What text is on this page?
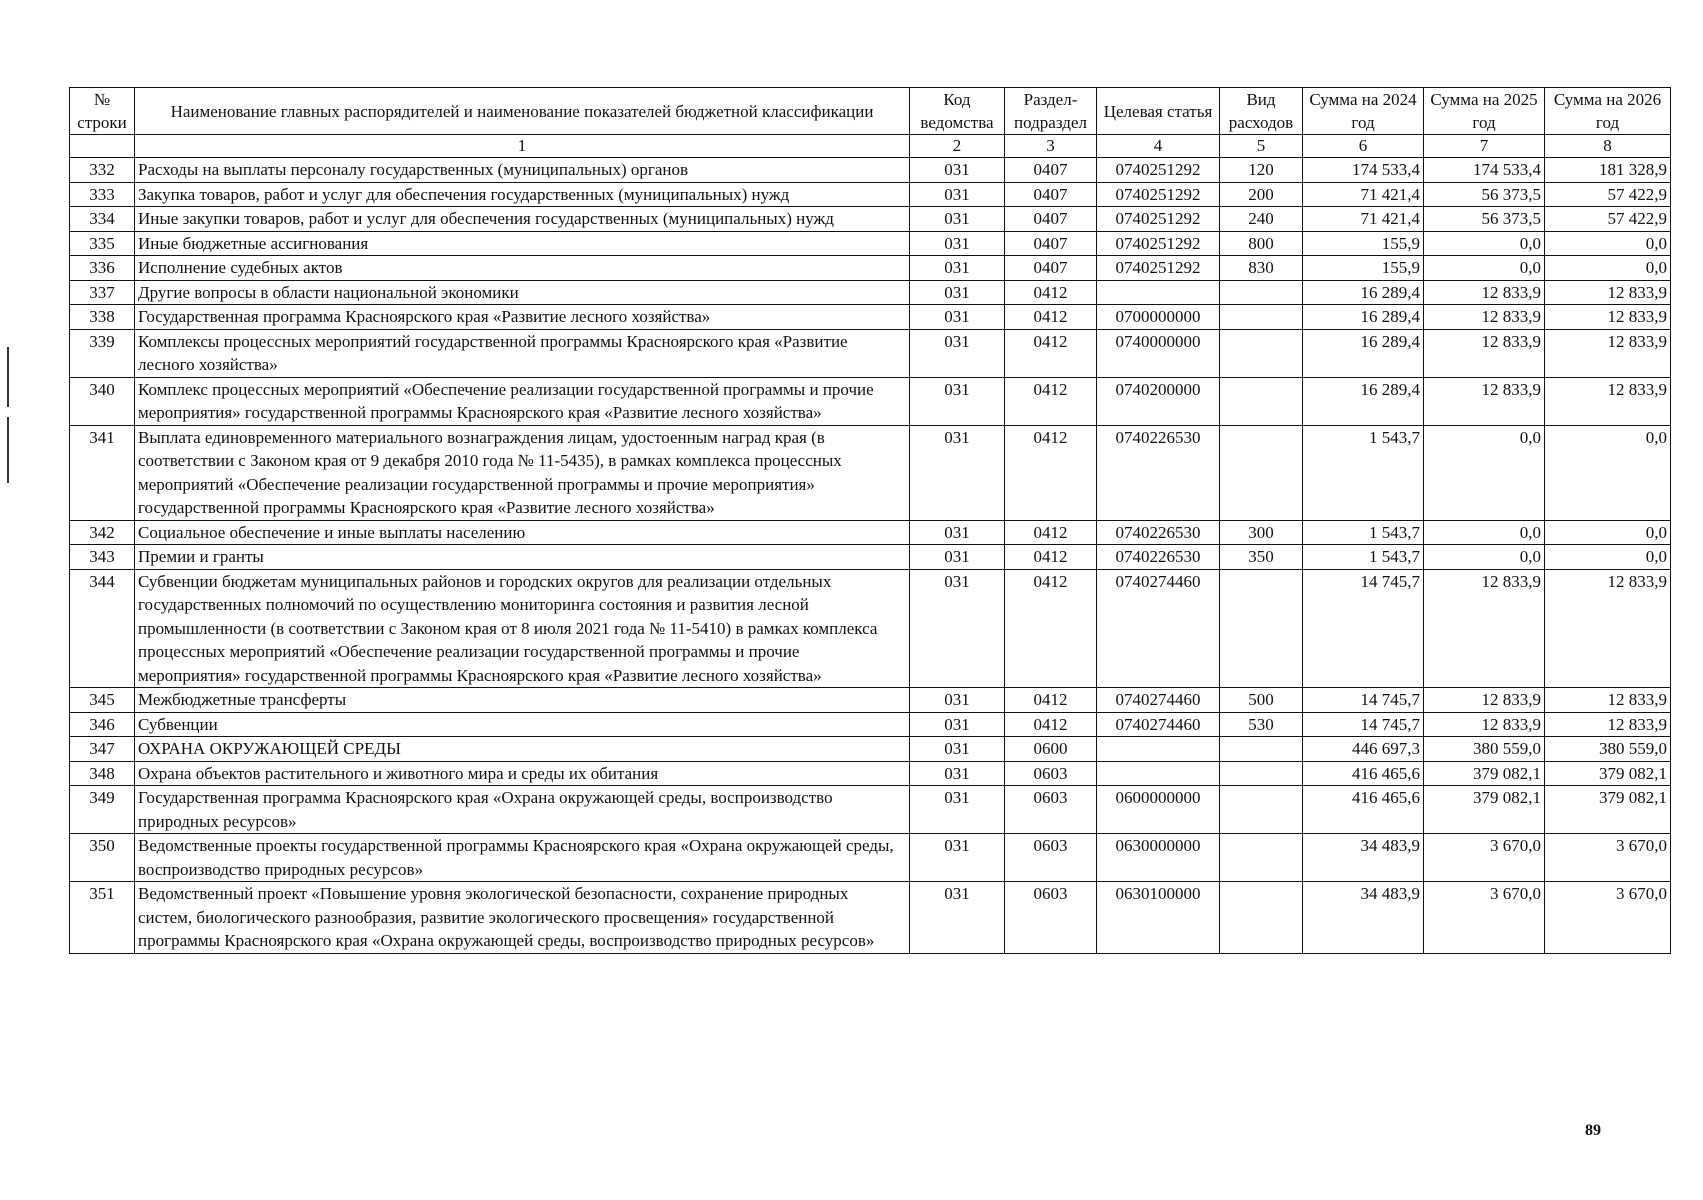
№ строки	Наименование главных распорядителей и наименование показателей бюджетной классификации	Код ведомства	Раздел-подраздел	Целевая статья	Вид расходов	Сумма на 2024 год	Сумма на 2025 год	Сумма на 2026 год
	1	2	3	4	5	6	7	8
332	Расходы на выплаты персоналу государственных (муниципальных) органов	031	0407	0740251292	120	174 533,4	174 533,4	181 328,9
333	Закупка товаров, работ и услуг для обеспечения государственных (муниципальных) нужд	031	0407	0740251292	200	71 421,4	56 373,5	57 422,9
334	Иные закупки товаров, работ и услуг для обеспечения государственных (муниципальных) нужд	031	0407	0740251292	240	71 421,4	56 373,5	57 422,9
335	Иные бюджетные ассигнования	031	0407	0740251292	800	155,9	0,0	0,0
336	Исполнение судебных актов	031	0407	0740251292	830	155,9	0,0	0,0
337	Другие вопросы в области национальной экономики	031	0412			16 289,4	12 833,9	12 833,9
338	Государственная программа Красноярского края «Развитие лесного хозяйства»	031	0412	0700000000		16 289,4	12 833,9	12 833,9
339	Комплексы процессных мероприятий государственной программы Красноярского края «Развитие лесного хозяйства»	031	0412	0740000000		16 289,4	12 833,9	12 833,9
340	Комплекс процессных мероприятий «Обеспечение реализации государственной программы и прочие мероприятия» государственной программы Красноярского края «Развитие лесного хозяйства»	031	0412	0740200000		16 289,4	12 833,9	12 833,9
341	Выплата единовременного материального вознаграждения лицам, удостоенным наград края (в соответствии с Законом края от 9 декабря 2010 года № 11-5435), в рамках комплекса процессных мероприятий «Обеспечение реализации государственной программы и прочие мероприятия» государственной программы Красноярского края «Развитие лесного хозяйства»	031	0412	0740226530		1 543,7	0,0	0,0
342	Социальное обеспечение и иные выплаты населению	031	0412	0740226530	300	1 543,7	0,0	0,0
343	Премии и гранты	031	0412	0740226530	350	1 543,7	0,0	0,0
344	Субвенции бюджетам муниципальных районов и городских округов для реализации отдельных государственных полномочий по осуществлению мониторинга состояния и развития лесной промышленности (в соответствии с Законом края от 8 июля 2021 года № 11-5410) в рамках комплекса процессных мероприятий «Обеспечение реализации государственной программы и прочие мероприятия» государственной программы Красноярского края «Развитие лесного хозяйства»	031	0412	0740274460		14 745,7	12 833,9	12 833,9
345	Межбюджетные трансферты	031	0412	0740274460	500	14 745,7	12 833,9	12 833,9
346	Субвенции	031	0412	0740274460	530	14 745,7	12 833,9	12 833,9
347	ОХРАНА ОКРУЖАЮЩЕЙ СРЕДЫ	031	0600			446 697,3	380 559,0	380 559,0
348	Охрана объектов растительного и животного мира и среды их обитания	031	0603			416 465,6	379 082,1	379 082,1
349	Государственная программа Красноярского края «Охрана окружающей среды, воспроизводство природных ресурсов»	031	0603	0600000000		416 465,6	379 082,1	379 082,1
350	Ведомственные проекты государственной программы Красноярского края «Охрана окружающей среды, воспроизводство природных ресурсов»	031	0603	0630000000		34 483,9	3 670,0	3 670,0
351	Ведомственный проект «Повышение уровня экологической безопасности, сохранение природных систем, биологического разнообразия, развитие экологического просвещения» государственной программы Красноярского края «Охрана окружающей среды, воспроизводство природных ресурсов»	031	0603	0630100000		34 483,9	3 670,0	3 670,0
89
